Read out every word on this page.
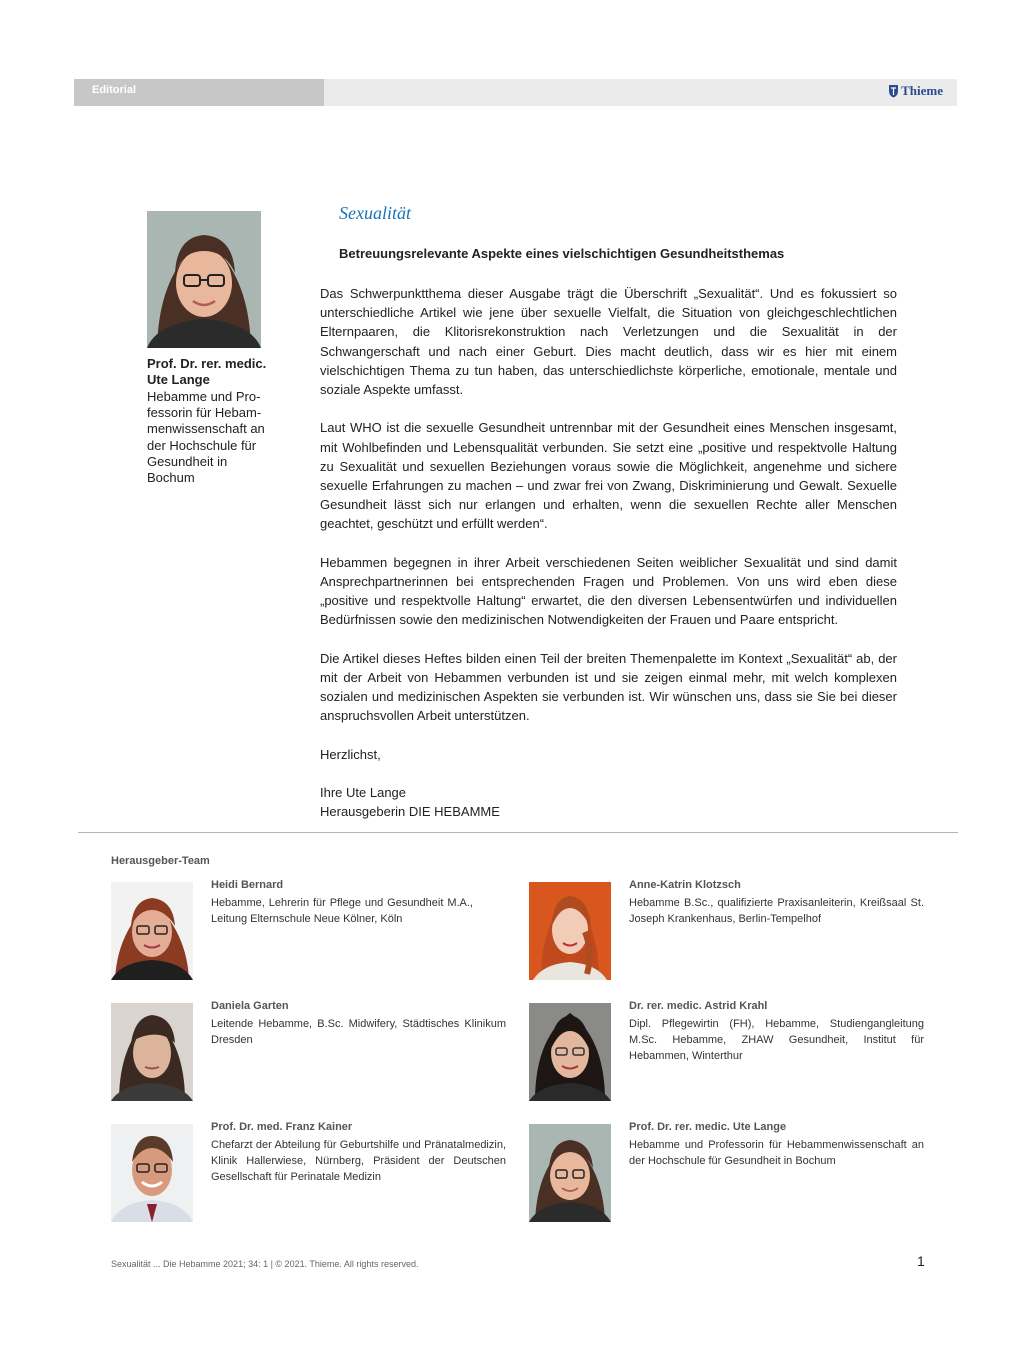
Editorial	Thieme
Prof. Dr. rer. medic.
Ute Lange
Hebamme und Pro-
fessorin für Hebam-
menwissenschaft an
der Hochschule für
Gesundheit in
Bochum
Sexualität
Betreuungsrelevante Aspekte eines vielschichtigen Gesundheitsthemas

Das Schwerpunktthema dieser Ausgabe trägt die Überschrift „Sexualität“. Und es fokussiert so unterschiedliche Artikel wie jene über sexuelle Vielfalt, die Situation von gleichgeschlechtlichen Elternpaaren, die Klitorisrekonstruktion nach Verletzungen und die Sexualität in der Schwangerschaft und nach einer Geburt. Dies macht deutlich, dass wir es hier mit einem vielschichtigen Thema zu tun haben, das unterschiedlichste körperliche, emotionale, mentale und soziale Aspekte umfasst.

Laut WHO ist die sexuelle Gesundheit untrennbar mit der Gesundheit eines Menschen insgesamt, mit Wohlbefinden und Lebensqualität verbunden. Sie setzt eine „positive und respektvolle Haltung zu Sexualität und sexuellen Beziehungen voraus sowie die Möglichkeit, angenehme und sichere sexuelle Erfahrungen zu machen – und zwar frei von Zwang, Diskriminierung und Gewalt. Sexuelle Gesundheit lässt sich nur erlangen und erhalten, wenn die sexuellen Rechte aller Menschen geachtet, geschützt und erfüllt werden“.

Hebammen begegnen in ihrer Arbeit verschiedenen Seiten weiblicher Sexualität und sind damit Ansprechpartnerinnen bei entsprechenden Fragen und Problemen. Von uns wird eben diese „positive und respektvolle Haltung“ erwartet, die den diversen Lebensentwürfen und individuellen Bedürfnissen sowie den medizinischen Notwendigkeiten der Frauen und Paare entspricht.

Die Artikel dieses Heftes bilden einen Teil der breiten Themenpalette im Kontext „Sexualität“ ab, der mit der Arbeit von Hebammen verbunden ist und sie zeigen einmal mehr, mit welch komplexen sozialen und medizinischen Aspekten sie verbunden ist. Wir wünschen uns, dass sie Sie bei dieser anspruchsvollen Arbeit unterstützen.

Herzlichst,

Ihre Ute Lange
Herausgeberin DIE HEBAMME
Herausgeber-Team
Heidi Bernard
Hebamme, Lehrerin für Pflege und Gesundheit M.A., Leitung Elternschule Neue Kölner, Köln
Anne-Katrin Klotzsch
Hebamme B.Sc., qualifizierte Praxisanleiterin, Kreißsaal St. Joseph Krankenhaus, Berlin-Tempelhof
Daniela Garten
Leitende Hebamme, B.Sc. Midwifery, Städtisches Klinikum Dresden
Dr. rer. medic. Astrid Krahl
Dipl. Pflegewirtin (FH), Hebamme, Studiengangleitung M.Sc. Hebamme, ZHAW Gesundheit, Institut für Hebammen, Winterthur
Prof. Dr. med. Franz Kainer
Chefarzt der Abteilung für Geburtshilfe und Pränatalmedizin, Klinik Hallerwiese, Nürnberg, Präsident der Deutschen Gesellschaft für Perinatale Medizin
Prof. Dr. rer. medic. Ute Lange
Hebamme und Professorin für Hebammenwissenschaft an der Hochschule für Gesundheit in Bochum
Sexualität ... Die Hebamme 2021; 34: 1 | © 2021. Thieme. All rights reserved.	1
